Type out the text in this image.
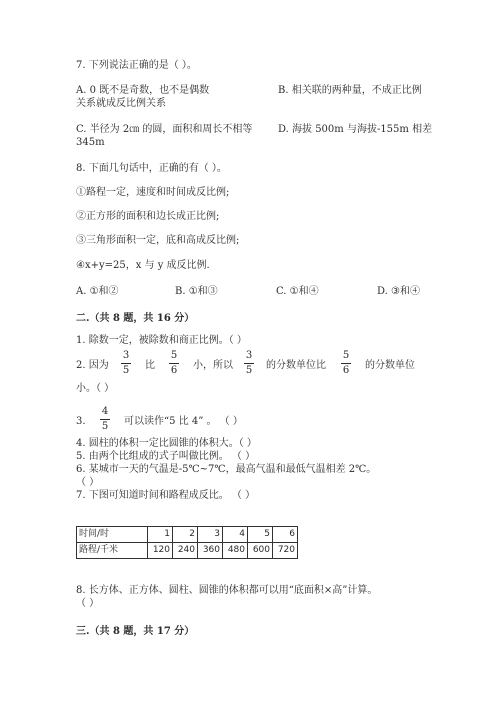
7. 下列说法正确的是（ ）。
A. 0 既不是奇数，也不是偶数	B. 相关联的两种量，不成正比例
关系就成反比例关系
C. 半径为 2㎝ 的圆，面积和周长不相等	D. 海拔 500m 与海拔-155m 相差
345m
8. 下面几句话中，正确的有（ ）。
①路程一定，速度和时间成反比例;
②正方形的面积和边长成正比例;
③三角形面积一定，底和高成反比例;
④x+y=25，x 与 y 成反比例.
A. ①和②	B. ①和③	C. ①和④	D. ③和④
二.（共 8 题，共 16 分）
1. 除数一定，被除数和商正比例。（ ）
2. 因为
3
5	比
5
6	小，所以
3
5	的分数单位比
5
6	的分数单位
小。（ ）
3.
4
5	可以读作“5 比 4” 。 （ ）
4. 圆柱的体积一定比圆锥的体积大。（ ）
5. 由两个比组成的式子叫做比例。 （ ）
6. 某城市一天的气温是-5℃~7℃，最高气温和最低气温相差 2℃。
（ ）
7. 下图可知道时间和路程成反比。 （ ）
时间/时	1	2	3	4	5	6
路程/千米	120	240	360	480	600	720
8. 长方体、正方体、圆柱、圆锥的体积都可以用“底面积×高”计算。
（ ）
三.（共 8 题，共 17 分）
